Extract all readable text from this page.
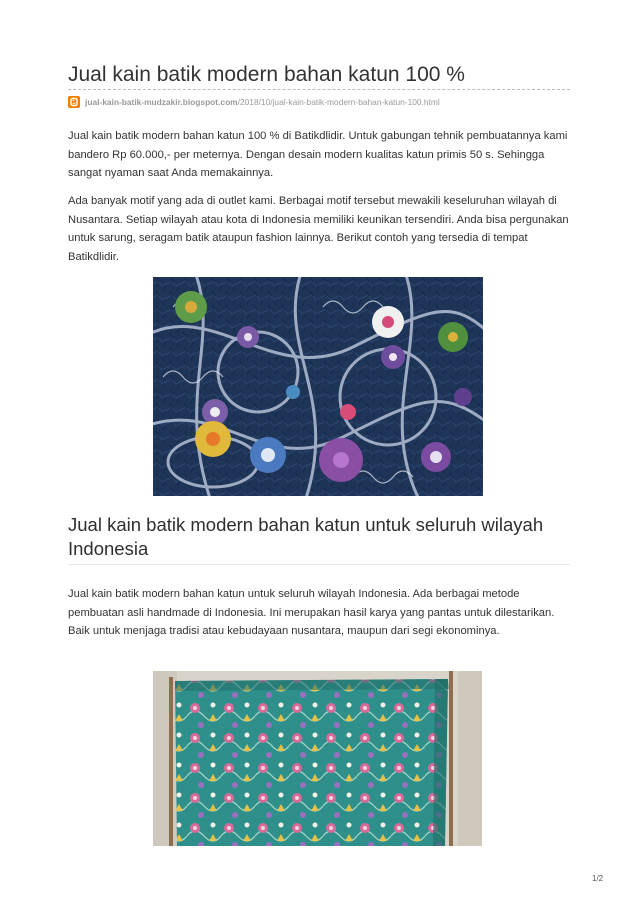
Jual kain batik modern bahan katun 100 %
jual-kain-batik-mudzakir.blogspot.com /2018/10/jual-kain-batik-modern-bahan-katun-100.html

Jual kain batik modern bahan katun 100 % di Batikdlidir. Untuk gabungan tehnik pembuatannya kami bandero Rp 60.000,- per meternya. Dengan desain modern kualitas katun primis 50 s. Sehingga sangat nyaman saat Anda memakainnya.

Ada banyak motif yang ada di outlet kami. Berbagai motif tersebut mewakili keseluruhan wilayah di Nusantara. Setiap wilayah atau kota di Indonesia memiliki keunikan tersendiri. Anda bisa pergunakan untuk sarung, seragam batik ataupun fashion lainnya. Berikut contoh yang tersedia di tempat Batikdlidir.

Jual kain batik modern bahan katun untuk seluruh wilayah Indonesia

Jual kain batik modern bahan katun untuk seluruh wilayah Indonesia. Ada berbagai metode pembuatan asli handmade di Indonesia. Ini merupakan hasil karya yang pantas untuk dilestarikan. Baik untuk menjaga tradisi atau kebudayaan nusantara, maupun dari segi ekonominya.

1/2
